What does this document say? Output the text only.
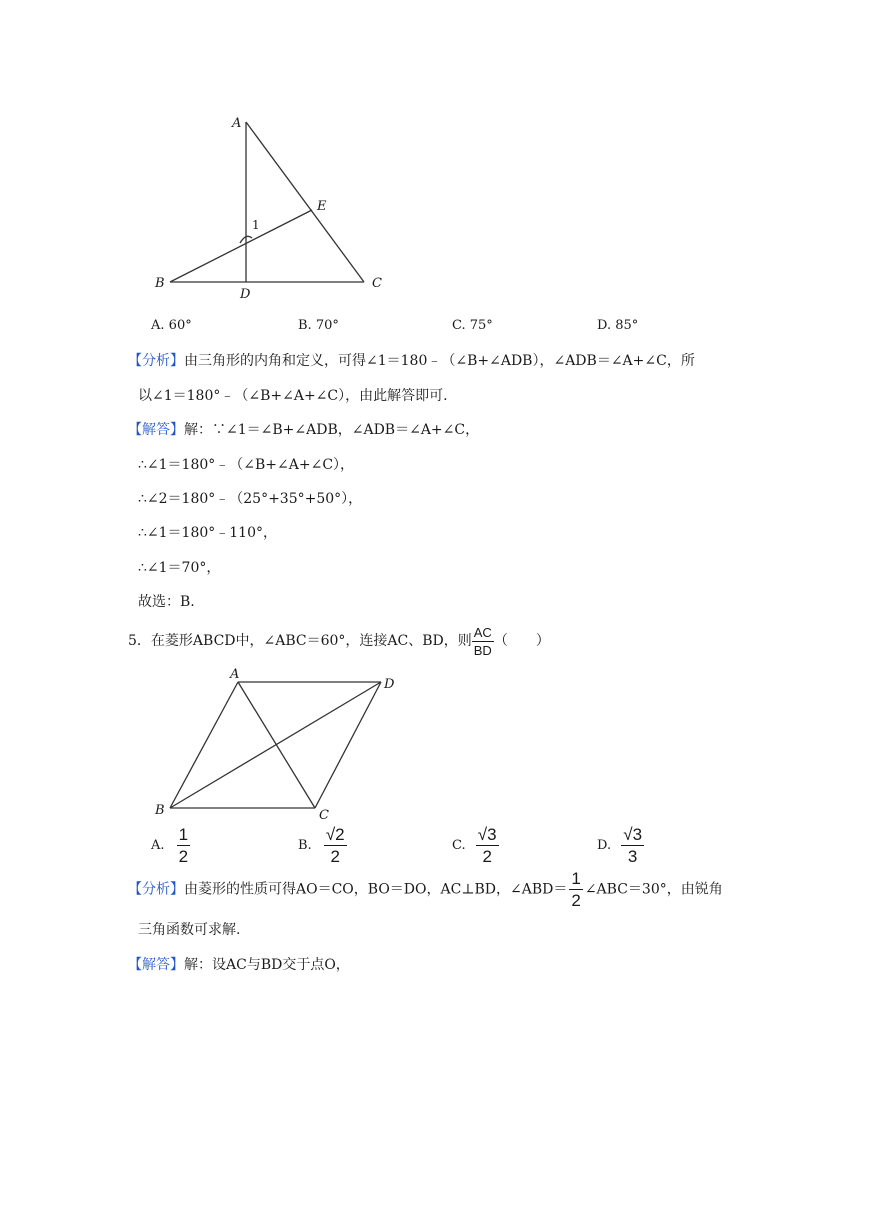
A
B	C
D
E
1
A. 60°	B. 70°	C. 75°	D. 85°
【分析】由三角形的内角和定义，可得∠1＝180﹣（∠B+∠ADB），∠ADB＝∠A+∠C，所
以∠1＝180°﹣（∠B+∠A+∠C），由此解答即可.
【解答】解：∵∠1＝∠B+∠ADB，∠ADB＝∠A+∠C，
∴∠1＝180°﹣（∠B+∠A+∠C），
∴∠2＝180°﹣（25°+35°+50°），
∴∠1＝180°﹣110°，
∴∠1＝70°，
故选：B.
5．在菱形ABCD中，∠ABC＝60°，连接AC、BD，则 $\frac{AC}{BD}$ （　　）
A
B	C
D
A. $\frac{1}{2}$	B. $\frac{√2}{2}$	C. $\frac{√3}{2}$	D. $\frac{√3}{3}$
【分析】由菱形的性质可得AO＝CO，BO＝DO，AC⊥BD，∠ABD＝ $\frac{1}{2}$ ∠ABC＝30°，由锐角
三角函数可求解.
【解答】解：设AC与BD交于点O，
